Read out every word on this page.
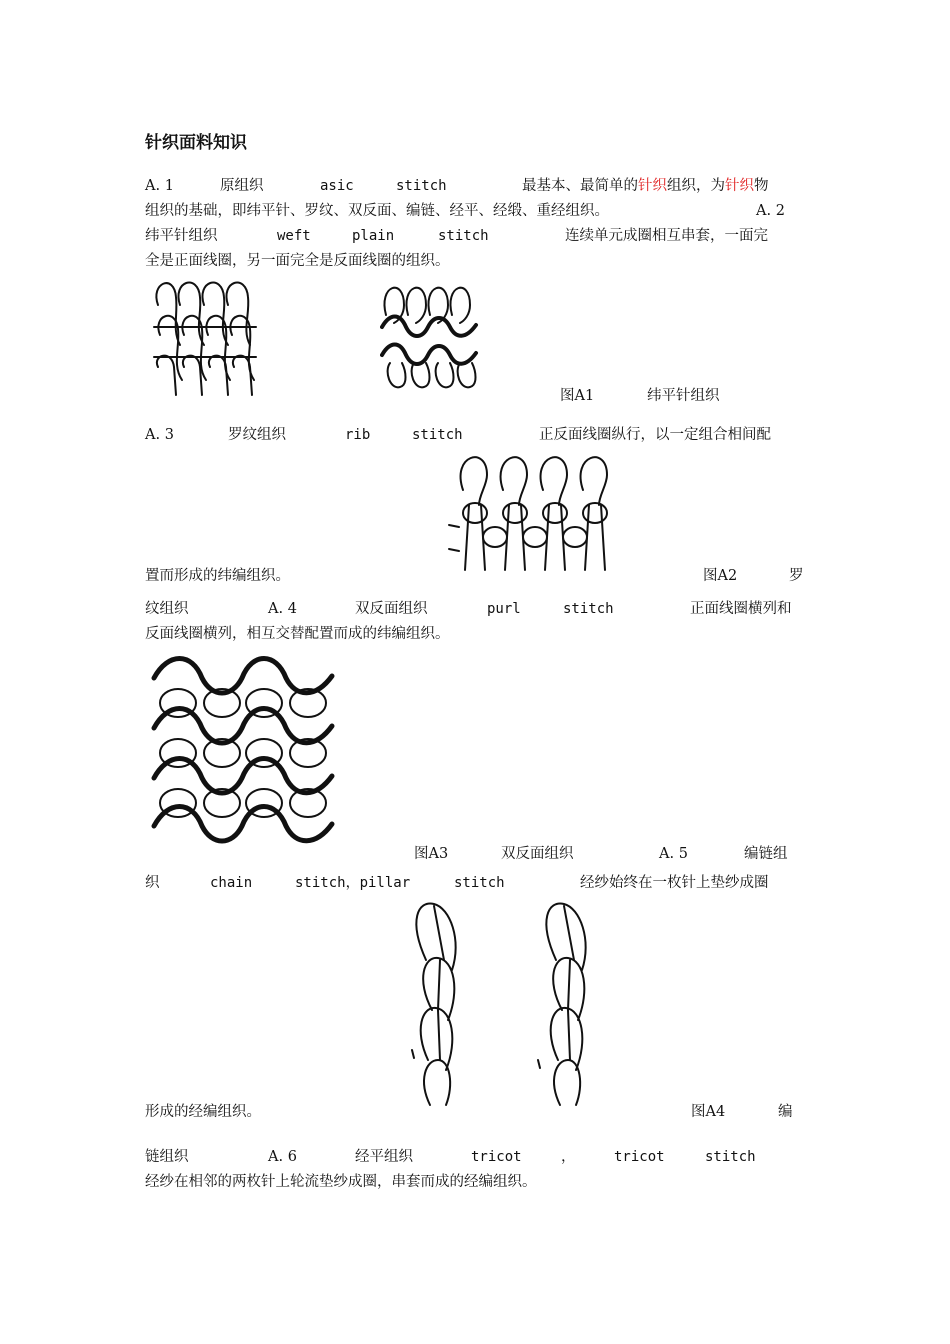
针织面料知识
A. 1	原组织	asic	stitch	最基本、最简单的针织组织，为针织物
组织的基础，即纬平针、罗纹、双反面、编链、经平、经缎、重经组织。	A. 2
纬平针组织	weft	plain	stitch	连续单元成圈相互串套，一面完
全是正面线圈，另一面完全是反面线圈的组织。
图A1	纬平针组织
A. 3	罗纹组织	rib	stitch	正反面线圈纵行，以一定组合相间配
置而形成的纬编组织。	图A2	罗
纹组织	A. 4	双反面组织	purl	stitch	正面线圈横列和
反面线圈横列，相互交替配置而成的纬编组织。
图A3	双反面组织	A. 5	编链组
织	chain	stitch，pillar	stitch	经纱始终在一枚针上垫纱成圈
形成的经编组织。	图A4	编
链组织	A. 6	经平组织	tricot	，	tricot	stitch
经纱在相邻的两枚针上轮流垫纱成圈，串套而成的经编组织。
